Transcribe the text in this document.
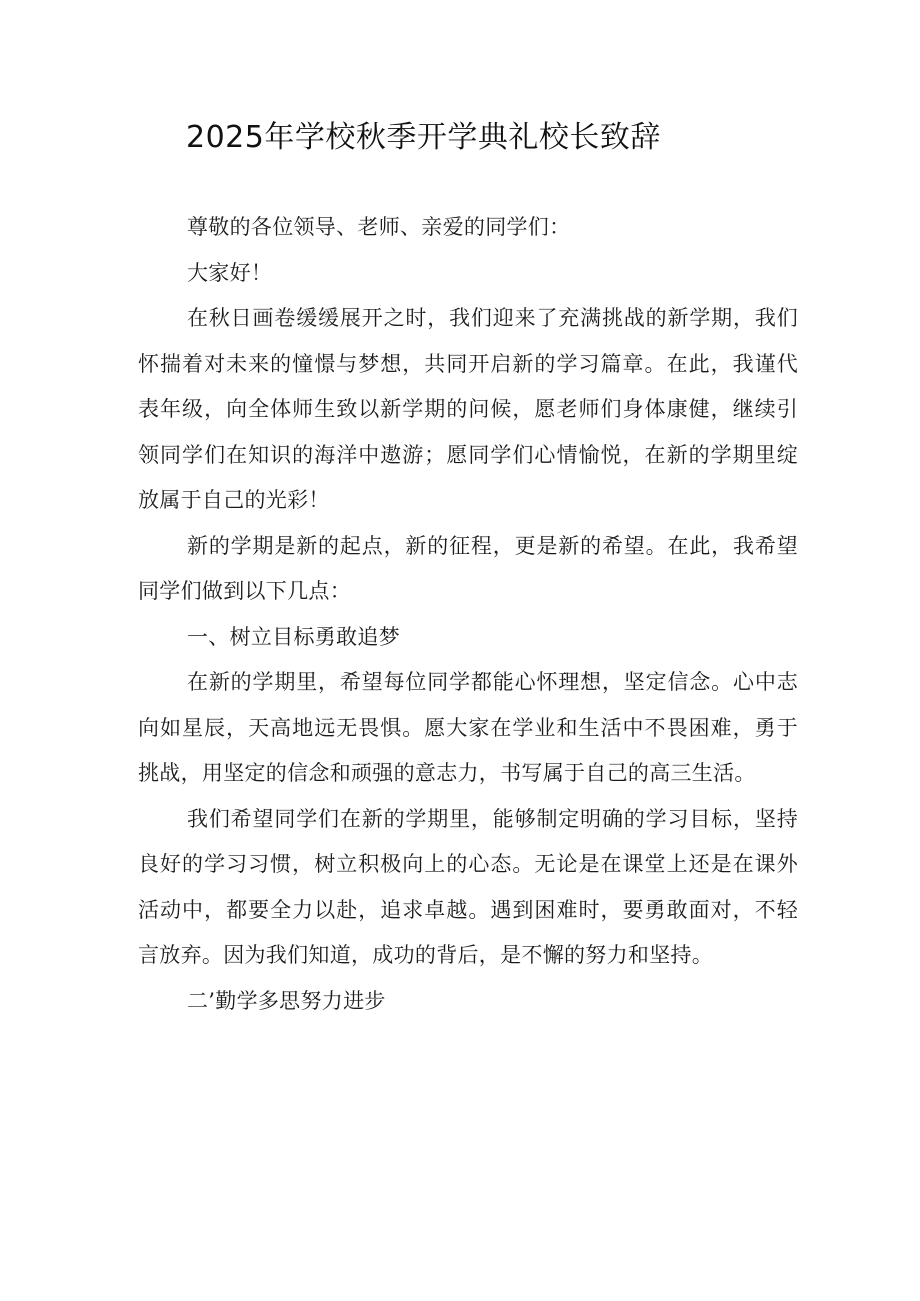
2025年学校秋季开学典礼校长致辞

尊敬的各位领导、老师、亲爱的同学们：

大家好！

在秋日画卷缓缓展开之时，我们迎来了充满挑战的新学期，我们怀揣着对未来的憧憬与梦想，共同开启新的学习篇章。在此，我谨代表年级，向全体师生致以新学期的问候，愿老师们身体康健，继续引领同学们在知识的海洋中遨游；愿同学们心情愉悦，在新的学期里绽放属于自己的光彩！

新的学期是新的起点，新的征程，更是新的希望。在此，我希望同学们做到以下几点：

一、树立目标勇敢追梦

在新的学期里，希望每位同学都能心怀理想，坚定信念。心中志向如星辰，天高地远无畏惧。愿大家在学业和生活中不畏困难，勇于挑战，用坚定的信念和顽强的意志力，书写属于自己的高三生活。

我们希望同学们在新的学期里，能够制定明确的学习目标，坚持良好的学习习惯，树立积极向上的心态。无论是在课堂上还是在课外活动中，都要全力以赴，追求卓越。遇到困难时，要勇敢面对，不轻言放弃。因为我们知道，成功的背后，是不懈的努力和坚持。

二’勤学多思努力进步
